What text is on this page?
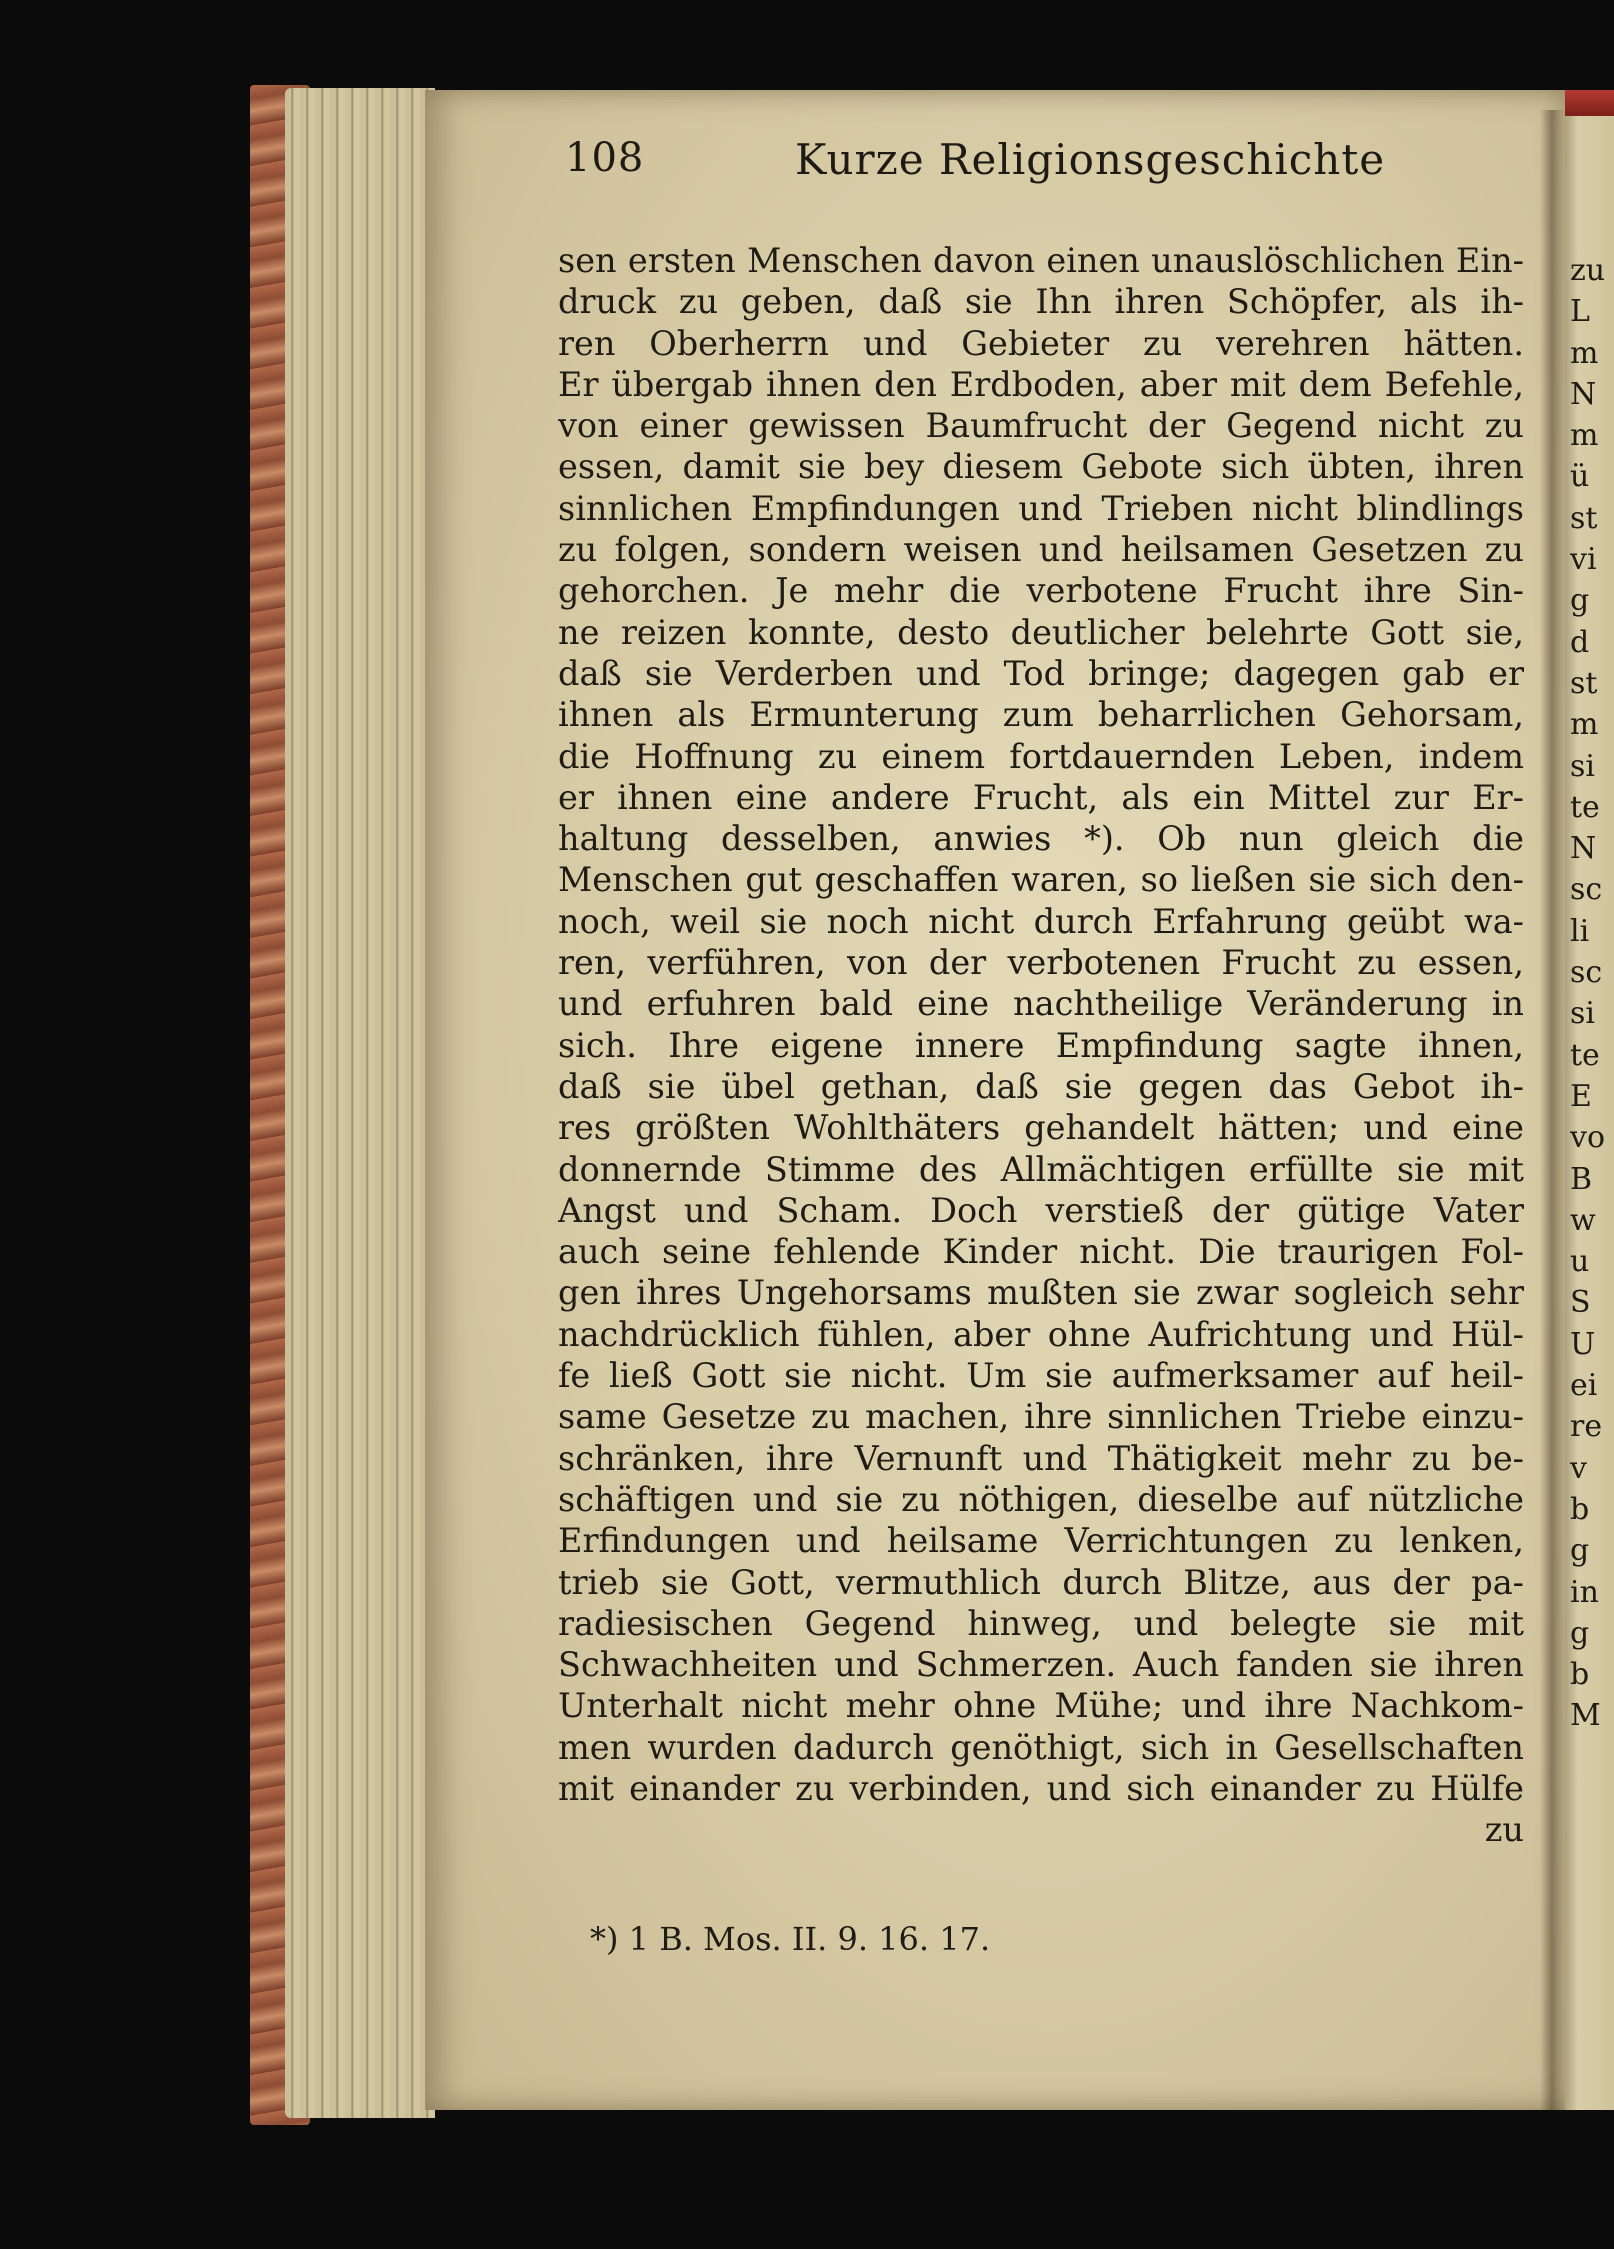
108	Kurze Religionsgeschichte
sen ersten Menschen davon einen unauslöschlichen Ein-
druck zu geben, daß sie Ihn ihren Schöpfer, als ih-
ren Oberherrn und Gebieter zu verehren hätten.
Er übergab ihnen den Erdboden, aber mit dem Befehle,
von einer gewissen Baumfrucht der Gegend nicht zu
essen, damit sie bey diesem Gebote sich übten, ihren
sinnlichen Empfindungen und Trieben nicht blindlings
zu folgen, sondern weisen und heilsamen Gesetzen zu
gehorchen. Je mehr die verbotene Frucht ihre Sin-
ne reizen konnte, desto deutlicher belehrte Gott sie,
daß sie Verderben und Tod bringe; dagegen gab er
ihnen als Ermunterung zum beharrlichen Gehorsam,
die Hoffnung zu einem fortdauernden Leben, indem
er ihnen eine andere Frucht, als ein Mittel zur Er-
haltung desselben, anwies *). Ob nun gleich die
Menschen gut geschaffen waren, so ließen sie sich den-
noch, weil sie noch nicht durch Erfahrung geübt wa-
ren, verführen, von der verbotenen Frucht zu essen,
und erfuhren bald eine nachtheilige Veränderung in
sich. Ihre eigene innere Empfindung sagte ihnen,
daß sie übel gethan, daß sie gegen das Gebot ih-
res größten Wohlthäters gehandelt hätten; und eine
donnernde Stimme des Allmächtigen erfüllte sie mit
Angst und Scham. Doch verstieß der gütige Vater
auch seine fehlende Kinder nicht. Die traurigen Fol-
gen ihres Ungehorsams mußten sie zwar sogleich sehr
nachdrücklich fühlen, aber ohne Aufrichtung und Hül-
fe ließ Gott sie nicht. Um sie aufmerksamer auf heil-
same Gesetze zu machen, ihre sinnlichen Triebe einzu-
schränken, ihre Vernunft und Thätigkeit mehr zu be-
schäftigen und sie zu nöthigen, dieselbe auf nützliche
Erfindungen und heilsame Verrichtungen zu lenken,
trieb sie Gott, vermuthlich durch Blitze, aus der pa-
radiesischen Gegend hinweg, und belegte sie mit
Schwachheiten und Schmerzen. Auch fanden sie ihren
Unterhalt nicht mehr ohne Mühe; und ihre Nachkom-
men wurden dadurch genöthigt, sich in Gesellschaften
mit einander zu verbinden, und sich einander zu Hülfe
zu
*) 1 B. Mos. II. 9. 16. 17.
zu
L
m
N
m
ü
st
vi
g
d
st
m
si
te
N
sc
li
sc
si
te
E
vo
B
w
u
S
U
ei
re
v
b
g
in
g
b
M
